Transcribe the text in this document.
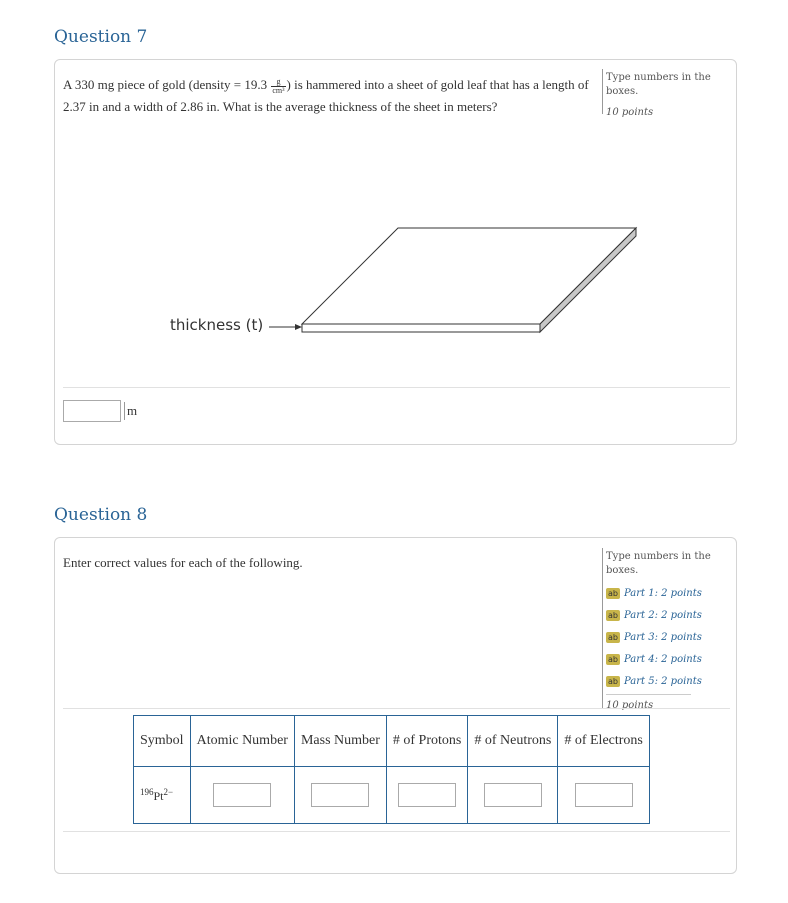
Question 7
A 330 mg piece of gold (density = $19.3 \frac{g}{\text{cm³}}$ ) is hammered into a sheet of gold leaf that has a length of 2.37 in and a width of 2.86 in. What is the average thickness of the sheet in meters?
Type numbers in the boxes.
10 points
thickness (t)
m
Question 8
Enter correct values for each of the following.	Type numbers in the boxes.
ab Part 1:
2 points
ab Part 2:
2 points
ab Part 3:
2 points
ab Part 4:
2 points
ab Part 5:
2 points
10 points
Symbol	Atomic Number	Mass Number	# of Protons	# of Neutrons	# of Electrons
$^{196}Pt^{2-}$					
